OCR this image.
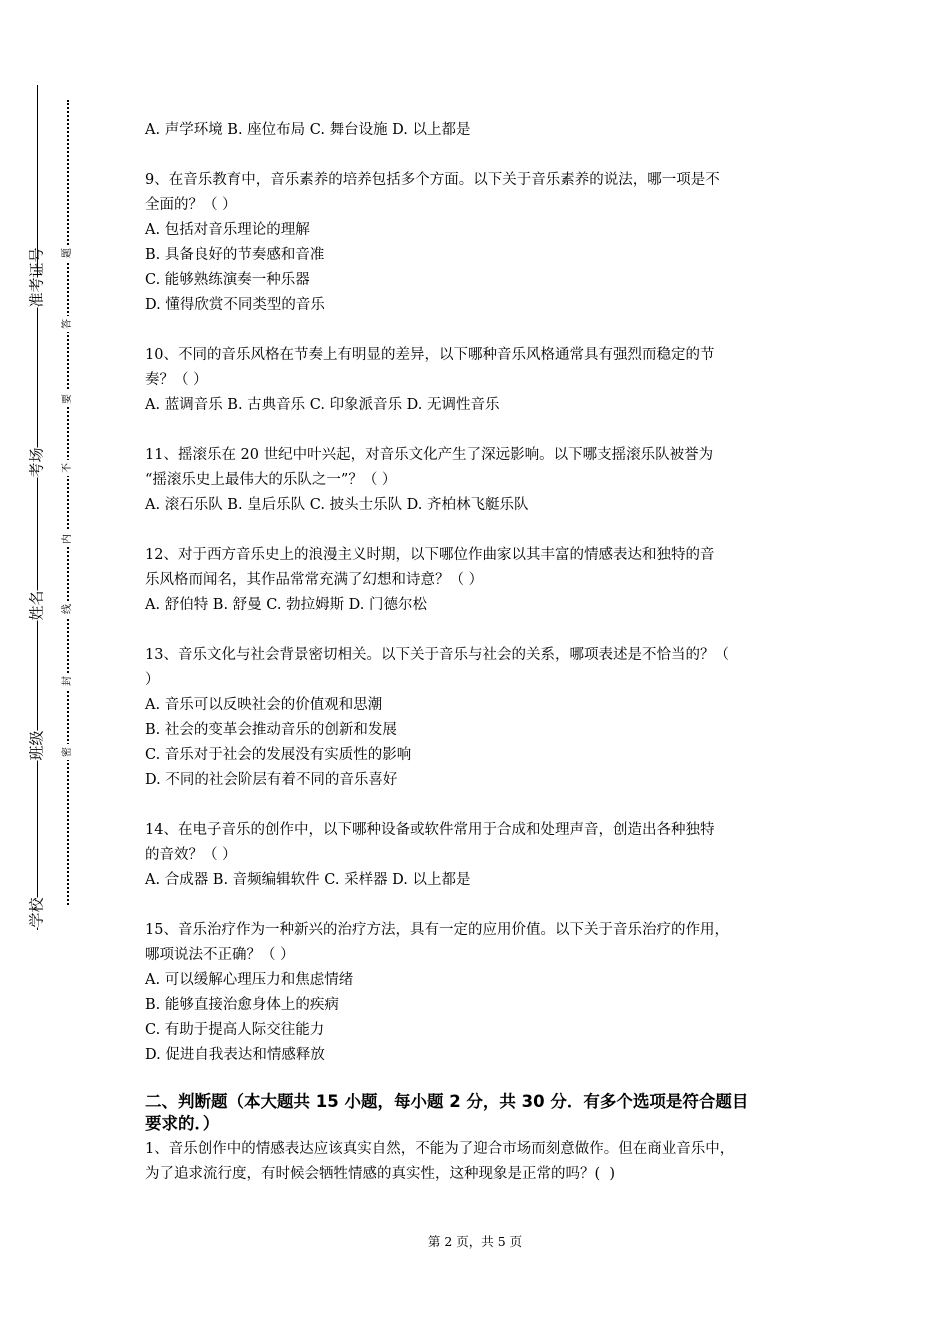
准考证号
考场
姓名
班级
学校
题
答
要
不
内
线
封
密
A. 声学环境 B. 座位布局 C. 舞台设施 D. 以上都是
9、在音乐教育中，音乐素养的培养包括多个方面。以下关于音乐素养的说法，哪一项是不
全面的？（ ）
A. 包括对音乐理论的理解
B. 具备良好的节奏感和音准
C. 能够熟练演奏一种乐器
D. 懂得欣赏不同类型的音乐
10、不同的音乐风格在节奏上有明显的差异，以下哪种音乐风格通常具有强烈而稳定的节
奏？（ ）
A. 蓝调音乐 B. 古典音乐 C. 印象派音乐 D. 无调性音乐
11、摇滚乐在 20 世纪中叶兴起，对音乐文化产生了深远影响。以下哪支摇滚乐队被誉为
“摇滚乐史上最伟大的乐队之一”？（ ）
A. 滚石乐队 B. 皇后乐队 C. 披头士乐队 D. 齐柏林飞艇乐队
12、对于西方音乐史上的浪漫主义时期，以下哪位作曲家以其丰富的情感表达和独特的音
乐风格而闻名，其作品常常充满了幻想和诗意？（ ）
A. 舒伯特 B. 舒曼 C. 勃拉姆斯 D. 门德尔松
13、音乐文化与社会背景密切相关。以下关于音乐与社会的关系，哪项表述是不恰当的？（
）
A. 音乐可以反映社会的价值观和思潮
B. 社会的变革会推动音乐的创新和发展
C. 音乐对于社会的发展没有实质性的影响
D. 不同的社会阶层有着不同的音乐喜好
14、在电子音乐的创作中，以下哪种设备或软件常用于合成和处理声音，创造出各种独特
的音效？（ ）
A. 合成器 B. 音频编辑软件 C. 采样器 D. 以上都是
15、音乐治疗作为一种新兴的治疗方法，具有一定的应用价值。以下关于音乐治疗的作用，
哪项说法不正确？（ ）
A. 可以缓解心理压力和焦虑情绪
B. 能够直接治愈身体上的疾病
C. 有助于提高人际交往能力
D. 促进自我表达和情感释放
二、判断题（本大题共 15 小题，每小题 2 分，共 30 分．有多个选项是符合题目
要求的．）
1、音乐创作中的情感表达应该真实自然，不能为了迎合市场而刻意做作。但在商业音乐中，
为了追求流行度，有时候会牺牲情感的真实性，这种现象是正常的吗？(  )
第 2 页，共 5 页
